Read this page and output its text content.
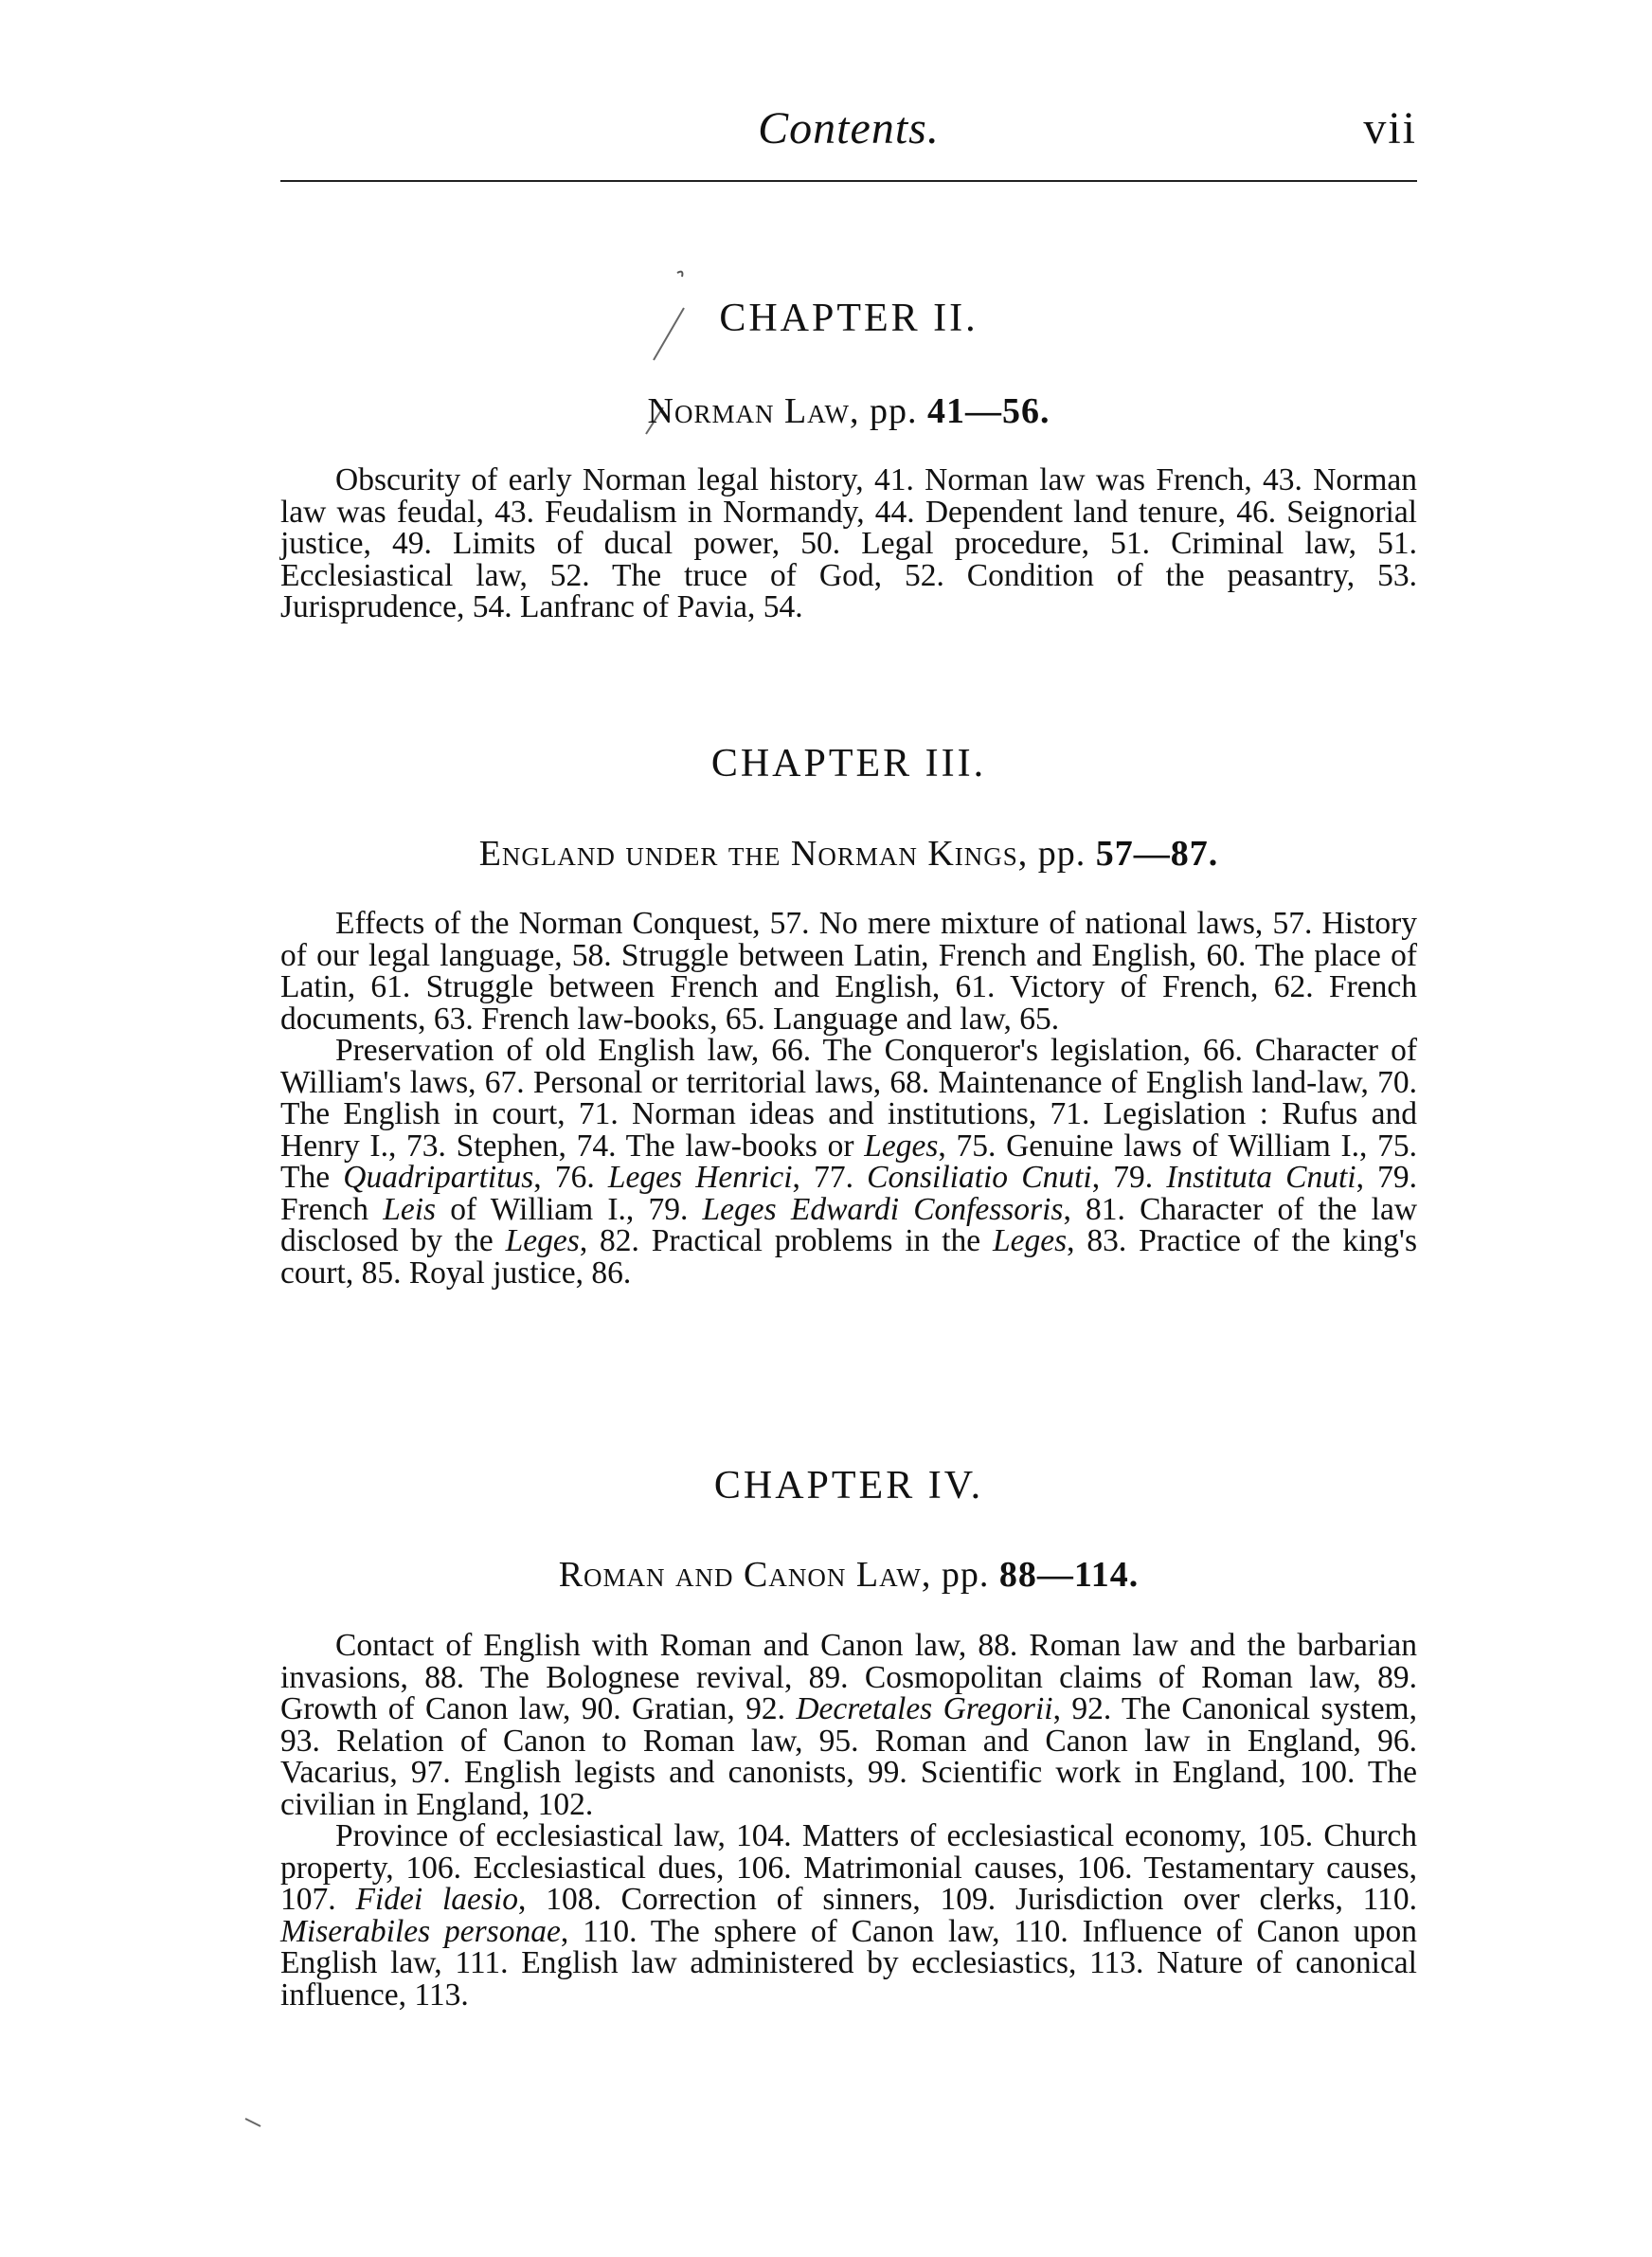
Contents.	vii
CHAPTER II.
Norman Law, pp. 41—56.

Obscurity of early Norman legal history, 41. Norman law was French, 43. Norman law was feudal, 43. Feudalism in Normandy, 44. Dependent land tenure, 46. Seignorial justice, 49. Limits of ducal power, 50. Legal procedure, 51. Criminal law, 51. Ecclesiastical law, 52. The truce of God, 52. Condition of the peasantry, 53. Jurisprudence, 54. Lanfranc of Pavia, 54.

CHAPTER III.
England under the Norman Kings, pp. 57—87.

Effects of the Norman Conquest, 57. No mere mixture of national laws, 57. History of our legal language, 58. Struggle between Latin, French and English, 60. The place of Latin, 61. Struggle between French and English, 61. Victory of French, 62. French documents, 63. French law-books, 65. Language and law, 65.

Preservation of old English law, 66. The Conqueror's legislation, 66. Character of William's laws, 67. Personal or territorial laws, 68. Maintenance of English land-law, 70. The English in court, 71. Norman ideas and institutions, 71. Legislation : Rufus and Henry I., 73. Stephen, 74. The law-books or Leges, 75. Genuine laws of William I., 75. The Quadripartitus, 76. Leges Henrici, 77. Consiliatio Cnuti, 79. Instituta Cnuti, 79. French Leis of William I., 79. Leges Edwardi Confessoris, 81. Character of the law disclosed by the Leges, 82. Practical problems in the Leges, 83. Practice of the king's court, 85. Royal justice, 86.

CHAPTER IV.
Roman and Canon Law, pp. 88—114.

Contact of English with Roman and Canon law, 88. Roman law and the barbarian invasions, 88. The Bolognese revival, 89. Cosmopolitan claims of Roman law, 89. Growth of Canon law, 90. Gratian, 92. Decretales Gregorii, 92. The Canonical system, 93. Relation of Canon to Roman law, 95. Roman and Canon law in England, 96. Vacarius, 97. English legists and canonists, 99. Scientific work in England, 100. The civilian in England, 102.

Province of ecclesiastical law, 104. Matters of ecclesiastical economy, 105. Church property, 106. Ecclesiastical dues, 106. Matrimonial causes, 106. Testamentary causes, 107. Fidei laesio, 108. Correction of sinners, 109. Jurisdiction over clerks, 110. Miserabiles personae, 110. The sphere of Canon law, 110. Influence of Canon upon English law, 111. English law administered by ecclesiastics, 113. Nature of canonical influence, 113.
